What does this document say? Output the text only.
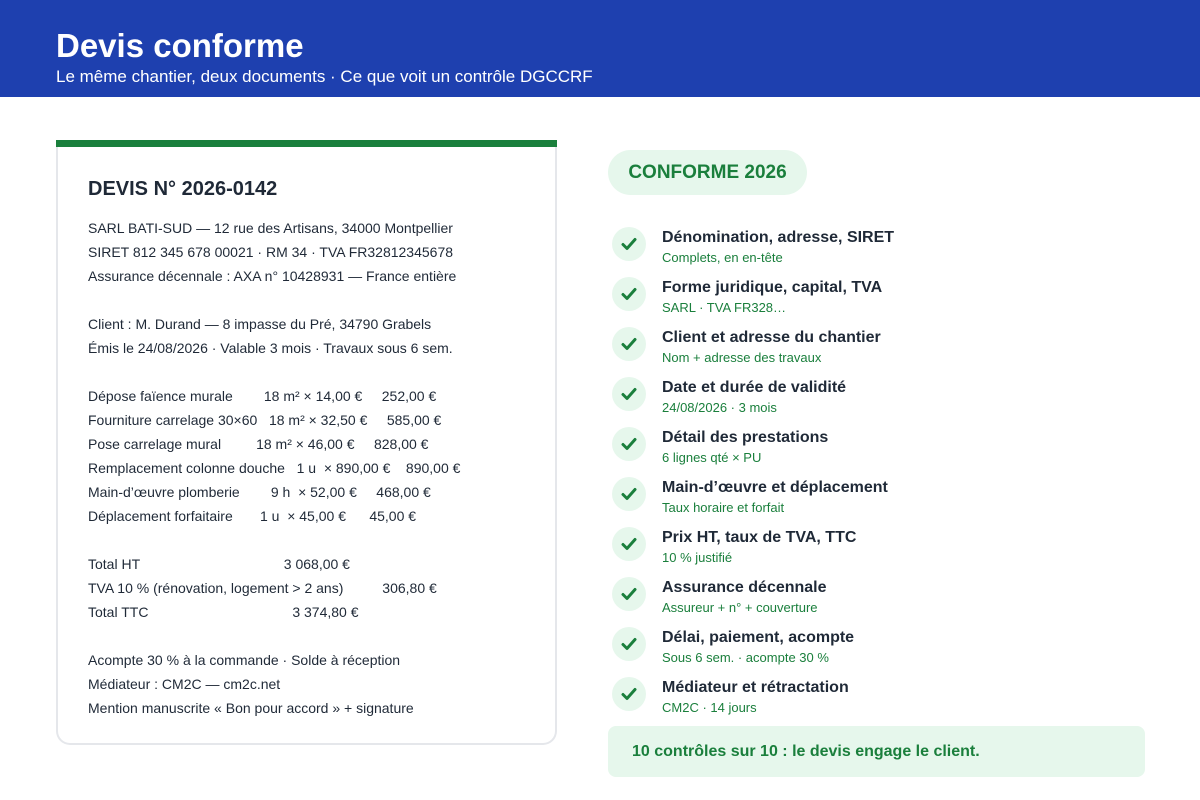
Devis conforme
Le même chantier, deux documents · Ce que voit un contrôle DGCCRF
DEVIS N° 2026-0142
SARL BATI-SUD — 12 rue des Artisans, 34000 Montpellier
SIRET 812 345 678 00021 · RM 34 · TVA FR32812345678
Assurance décennale : AXA n° 10428931 — France entière
Client : M. Durand — 8 impasse du Pré, 34790 Grabels
Émis le 24/08/2026 · Valable 3 mois · Travaux sous 6 sem.
Dépose faïence murale        18 m² × 14,00 €     252,00 €
Fourniture carrelage 30×60   18 m² × 32,50 €     585,00 €
Pose carrelage mural         18 m² × 46,00 €     828,00 €
Remplacement colonne douche   1 u  × 890,00 €    890,00 €
Main-d’œuvre plomberie        9 h  × 52,00 €     468,00 €
Déplacement forfaitaire       1 u  × 45,00 €      45,00 €
Total HT                                     3 068,00 €
TVA 10 % (rénovation, logement > 2 ans)          306,80 €
Total TTC                                     3 374,80 €
Acompte 30 % à la commande · Solde à réception
Médiateur : CM2C — cm2c.net
Mention manuscrite « Bon pour accord » + signature
CONFORME 2026
Dénomination, adresse, SIRET
Complets, en en-tête
Forme juridique, capital, TVA
SARL · TVA FR328…
Client et adresse du chantier
Nom + adresse des travaux
Date et durée de validité
24/08/2026 · 3 mois
Détail des prestations
6 lignes qté × PU
Main-d’œuvre et déplacement
Taux horaire et forfait
Prix HT, taux de TVA, TTC
10 % justifié
Assurance décennale
Assureur + n° + couverture
Délai, paiement, acompte
Sous 6 sem. · acompte 30 %
Médiateur et rétractation
CM2C · 14 jours
10 contrôles sur 10 : le devis engage le client.
